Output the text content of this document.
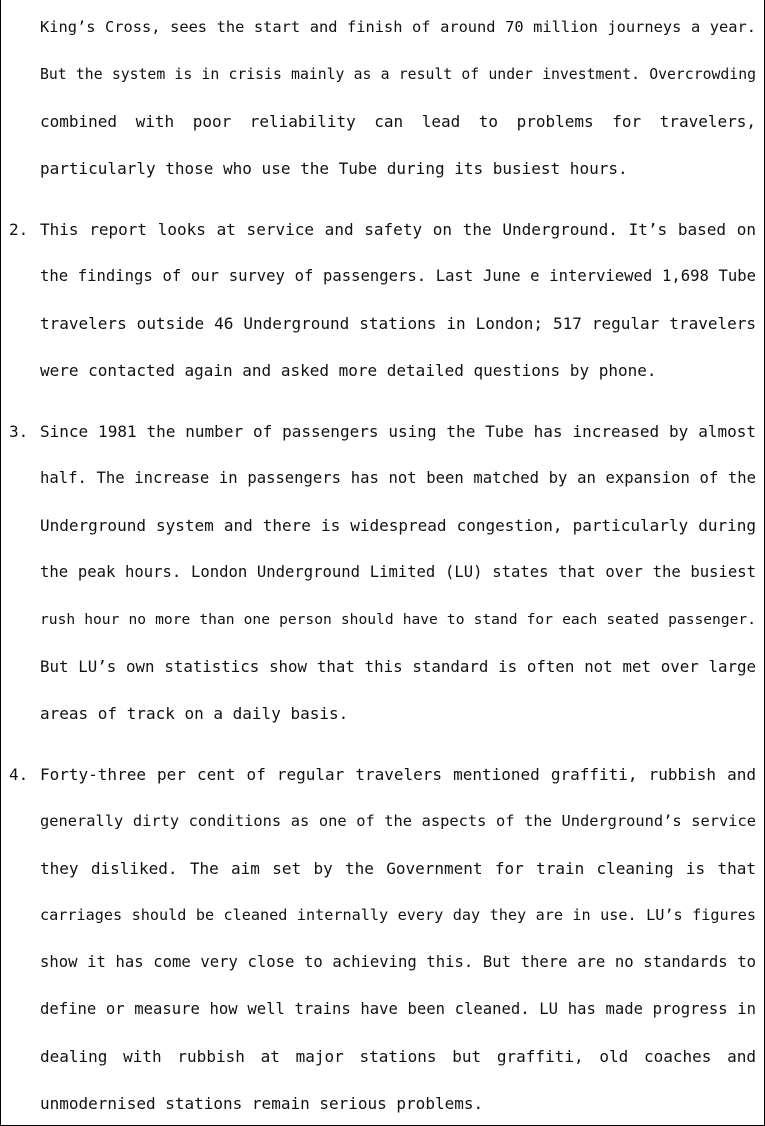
King’s Cross, sees the start and finish of around 70 million journeys a year.
But the system is in crisis mainly as a result of under investment. Overcrowding
combined with poor reliability can lead to problems for travelers,
particularly those who use the Tube during its busiest hours.
2. This report looks at service and safety on the Underground. It’s based on
the findings of our survey of passengers. Last June e interviewed 1,698 Tube
travelers outside 46 Underground stations in London; 517 regular travelers
were contacted again and asked more detailed questions by phone.
3. Since 1981 the number of passengers using the Tube has increased by almost
half. The increase in passengers has not been matched by an expansion of the
Underground system and there is widespread congestion, particularly during
the peak hours. London Underground Limited (LU) states that over the busiest
rush hour no more than one person should have to stand for each seated passenger.
But LU’s own statistics show that this standard is often not met over large
areas of track on a daily basis.
4. Forty-three per cent of regular travelers mentioned graffiti, rubbish and
generally dirty conditions as one of the aspects of the Underground’s service
they disliked. The aim set by the Government for train cleaning is that
carriages should be cleaned internally every day they are in use. LU’s figures
show it has come very close to achieving this. But there are no standards to
define or measure how well trains have been cleaned. LU has made progress in
dealing with rubbish at major stations but graffiti, old coaches and
unmodernised stations remain serious problems.
